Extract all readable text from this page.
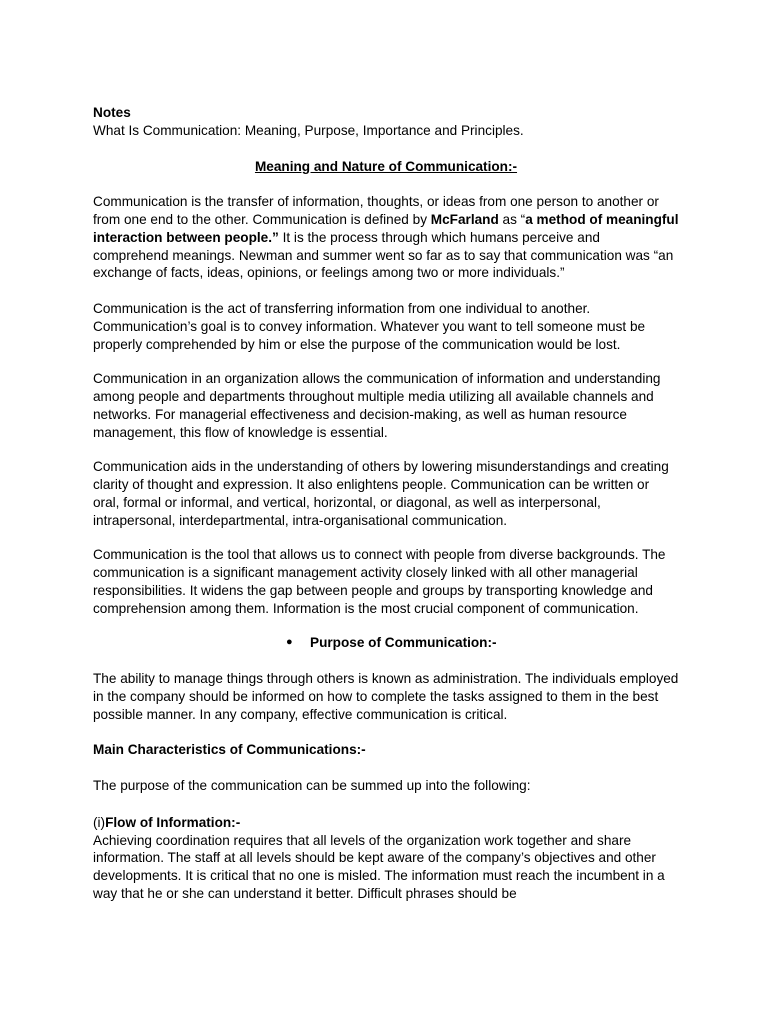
Notes

What Is Communication: Meaning, Purpose, Importance and Principles.

Meaning and Nature of Communication:-

Communication is the transfer of information, thoughts, or ideas from one person to another or from one end to the other. Communication is defined by McFarland as “a method of meaningful interaction between people.” It is the process through which humans perceive and comprehend meanings. Newman and summer went so far as to say that communication was “an exchange of facts, ideas, opinions, or feelings among two or more individuals.”

Communication is the act of transferring information from one individual to another. Communication’s goal is to convey information. Whatever you want to tell someone must be properly comprehended by him or else the purpose of the communication would be lost.

Communication in an organization allows the communication of information and understanding among people and departments throughout multiple media utilizing all available channels and networks. For managerial effectiveness and decision-making, as well as human resource management, this flow of knowledge is essential.

Communication aids in the understanding of others by lowering misunderstandings and creating clarity of thought and expression. It also enlightens people. Communication can be written or oral, formal or informal, and vertical, horizontal, or diagonal, as well as interpersonal, intrapersonal, interdepartmental, intra-organisational communication.

Communication is the tool that allows us to connect with people from diverse backgrounds. The communication is a significant management activity closely linked with all other managerial responsibilities. It widens the gap between people and groups by transporting knowledge and comprehension among them. Information is the most crucial component of communication.

●	Purpose of Communication:-

The ability to manage things through others is known as administration. The individuals employed in the company should be informed on how to complete the tasks assigned to them in the best possible manner. In any company, effective communication is critical.

Main Characteristics of Communications:-

The purpose of the communication can be summed up into the following:

(i)Flow of Information:-

Achieving coordination requires that all levels of the organization work together and share information. The staff at all levels should be kept aware of the company’s objectives and other developments. It is critical that no one is misled. The information must reach the incumbent in a way that he or she can understand it better. Difficult phrases should be
